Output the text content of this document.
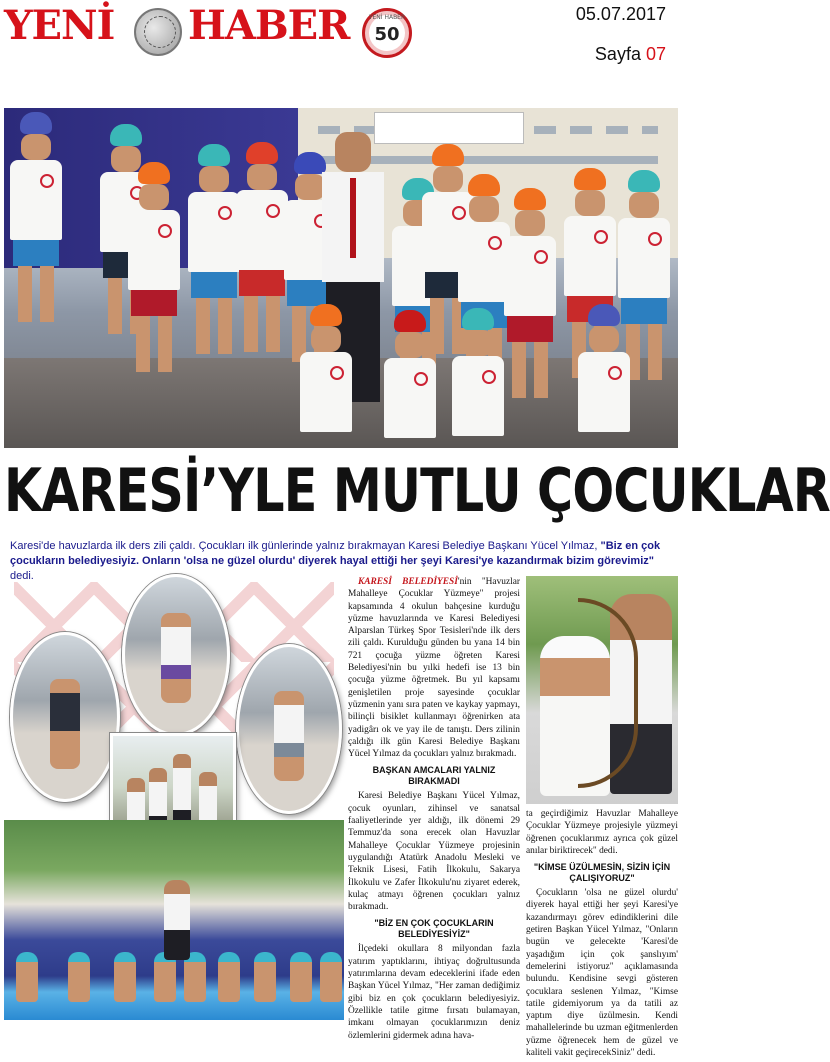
YENİ HABER	YENİ HABER
50
05.07.2017
Sayfa 07
KARESİ’YLE MUTLU ÇOCUKLAR

Karesi'de havuzlarda ilk ders zili çaldı. Çocukları ilk günlerinde yalnız bırakmayan Karesi Belediye Başkanı Yücel Yılmaz, "Biz en çok çocukların belediyesiyiz. Onların 'olsa ne güzel olurdu' diyerek hayal ettiği her şeyi Karesi'ye kazandırmak bizim görevimiz" dedi.	KARESİ BELEDİYESİ'nin "Havuzlar Mahalleye Çocuklar Yüzmeye" projesi kapsamında 4 okulun bahçesine kurduğu yüzme havuzlarında ve Karesi Belediyesi Alparslan Türkeş Spor Tesisleri'nde ilk ders zili çaldı. Kurulduğu günden bu yana 14 bin 721 çocuğa yüzme öğreten Karesi Belediyesi'nin bu yılki hedefi ise 13 bin çocuğa yüzme öğretmek. Bu yıl kapsamı genişletilen proje sayesinde çocuklar yüzmenin yanı sıra paten ve kaykay yapmayı, bilinçli bisiklet kullanmayı öğrenirken ata yadigârı ok ve yay ile de tanıştı. Ders zilinin çaldığı ilk gün Karesi Belediye Başkanı Yücel Yılmaz da çocukları yalnız bırakmadı.

BAŞKAN AMCALARI YALNIZ BIRAKMADI

Karesi Belediye Başkanı Yücel Yılmaz, çocuk oyunları, zihinsel ve sanatsal faaliyetlerinde yer aldığı, ilk dönemi 29 Temmuz'da sona erecek olan Havuzlar Mahalleye Çocuklar Yüzmeye projesinin uygulandığı Atatürk Anadolu Mesleki ve Teknik Lisesi, Fatih İlkokulu, Sakarya İlkokulu ve Zafer İlkokulu'nu ziyaret ederek, kulaç atmayı öğrenen çocukları yalnız bırakmadı.

"BİZ EN ÇOK ÇOCUKLARIN BELEDİYESİYİZ"

İlçedeki okullara 8 milyondan fazla yatırım yaptıklarını, ihtiyaç doğrultusunda yatırımlarına devam edeceklerini ifade eden Başkan Yücel Yılmaz, "Her zaman dediğimiz gibi biz en çok çocukların belediyesiyiz. Özellikle tatile gitme fırsatı bulamayan, imkanı olmayan çocuklarımızın deniz özlemlerini gidermek adına hava-

ta geçirdiğimiz Havuzlar Mahalleye Çocuklar Yüzmeye projesiyle yüzmeyi öğrenen çocuklarımız ayrıca çok güzel anılar biriktirecek" dedi.

"KİMSE ÜZÜLMESİN, SİZİN İÇİN ÇALIŞIYORUZ"

Çocukların 'olsa ne güzel olurdu' diyerek hayal ettiği her şeyi Karesi'ye kazandırmayı görev edindiklerini dile getiren Başkan Yücel Yılmaz, "Onların bugün ve gelecekte 'Karesi'de yaşadığım için çok şanslıyım' demelerini istiyoruz" açıklamasında bulundu. Kendisine sevgi gösteren çocuklara seslenen Yılmaz, "Kimse tatile gidemiyorum ya da tatili az yaptım diye üzülmesin. Kendi mahallelerinde bu uzman eğitmenlerden yüzme öğrenecek hem de güzel ve kaliteli vakit geçirecekSiniz" dedi.
